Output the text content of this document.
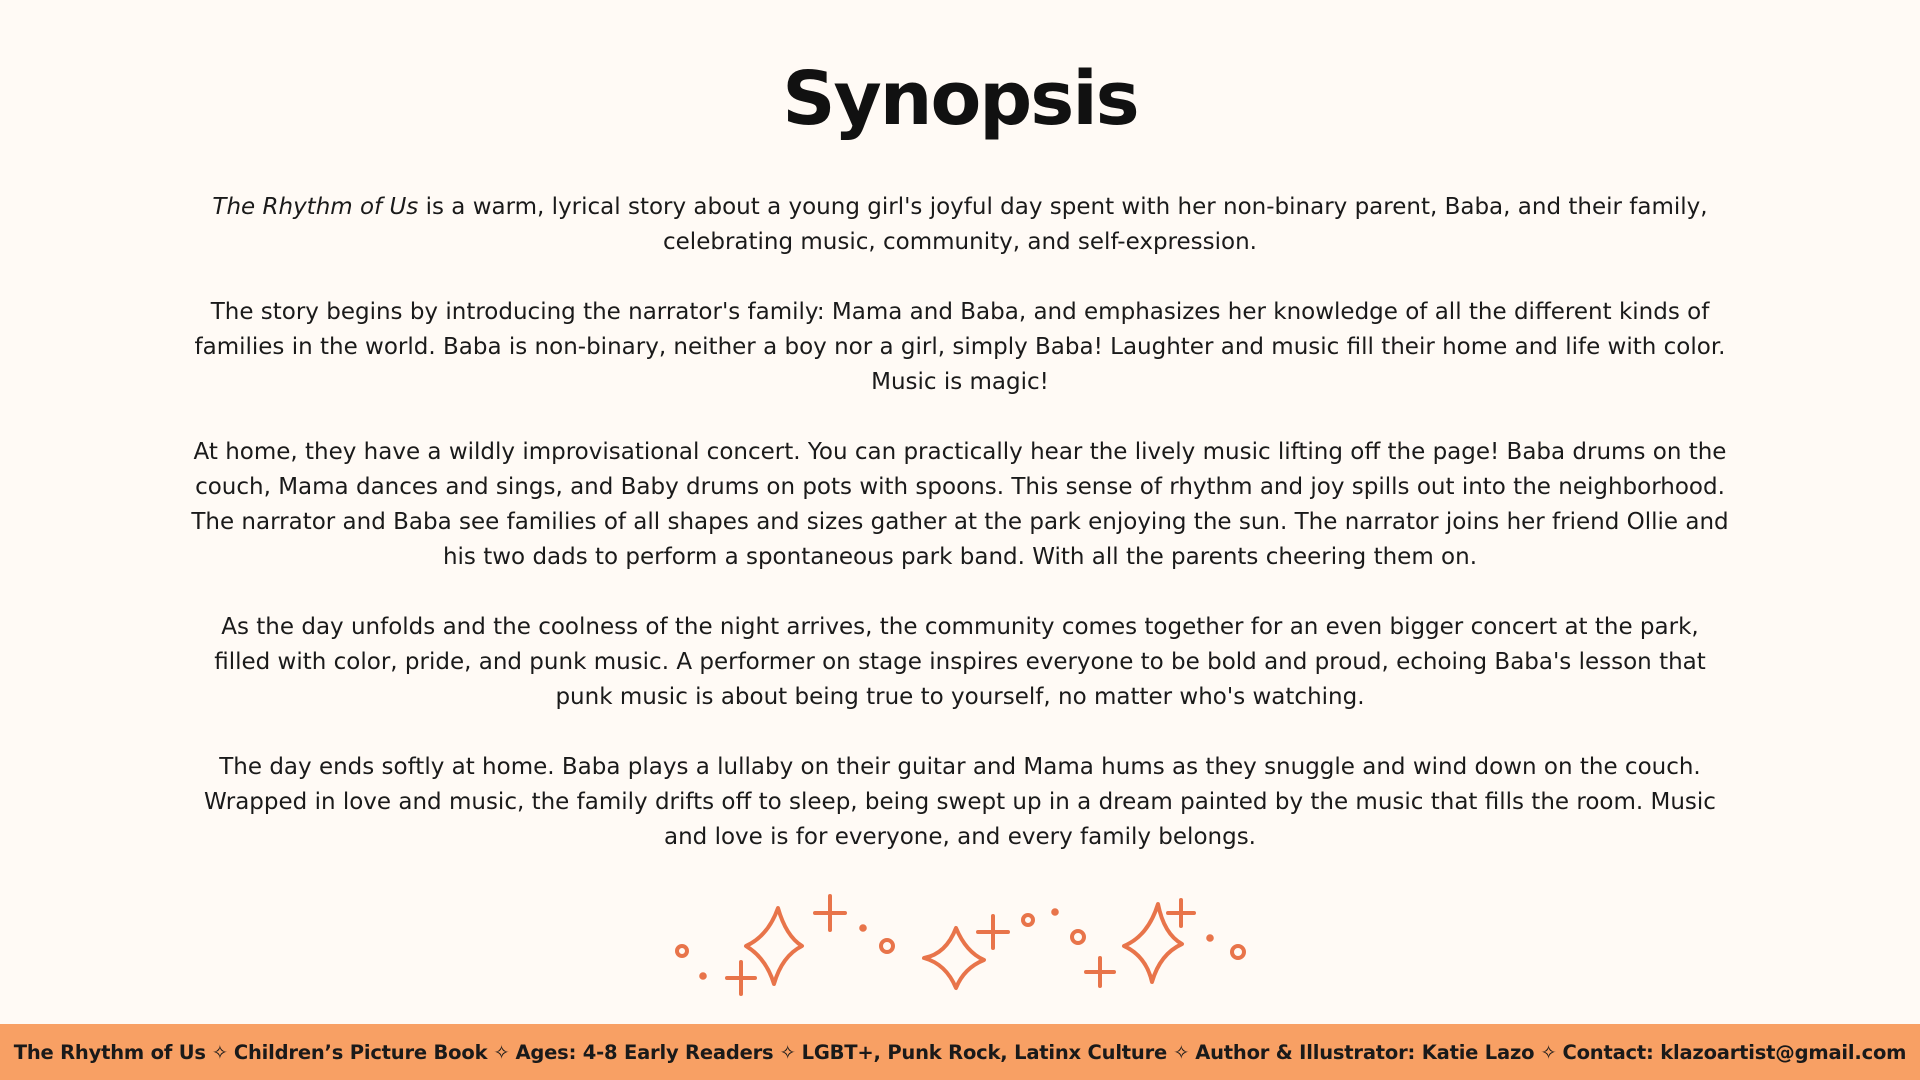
Synopsis

The Rhythm of Us is a warm, lyrical story about a young girl's joyful day spent with her non-binary parent, Baba, and their family, celebrating music, community, and self-expression.

The story begins by introducing the narrator's family: Mama and Baba, and emphasizes her knowledge of all the different kinds of families in the world. Baba is non-binary, neither a boy nor a girl, simply Baba! Laughter and music fill their home and life with color. Music is magic!

At home, they have a wildly improvisational concert. You can practically hear the lively music lifting off the page! Baba drums on the couch, Mama dances and sings, and Baby drums on pots with spoons. This sense of rhythm and joy spills out into the neighborhood. The narrator and Baba see families of all shapes and sizes gather at the park enjoying the sun. The narrator joins her friend Ollie and his two dads to perform a spontaneous park band. With all the parents cheering them on.

As the day unfolds and the coolness of the night arrives, the community comes together for an even bigger concert at the park, filled with color, pride, and punk music. A performer on stage inspires everyone to be bold and proud, echoing Baba's lesson that punk music is about being true to yourself, no matter who's watching.

The day ends softly at home. Baba plays a lullaby on their guitar and Mama hums as they snuggle and wind down on the couch. Wrapped in love and music, the family drifts off to sleep, being swept up in a dream painted by the music that fills the room. Music and love is for everyone, and every family belongs.

The Rhythm of Us ✧ Children’s Picture Book ✧ Ages: 4-8 Early Readers ✧ LGBT+, Punk Rock, Latinx Culture ✧ Author & Illustrator: Katie Lazo ✧ Contact: klazoartist@gmail.com
